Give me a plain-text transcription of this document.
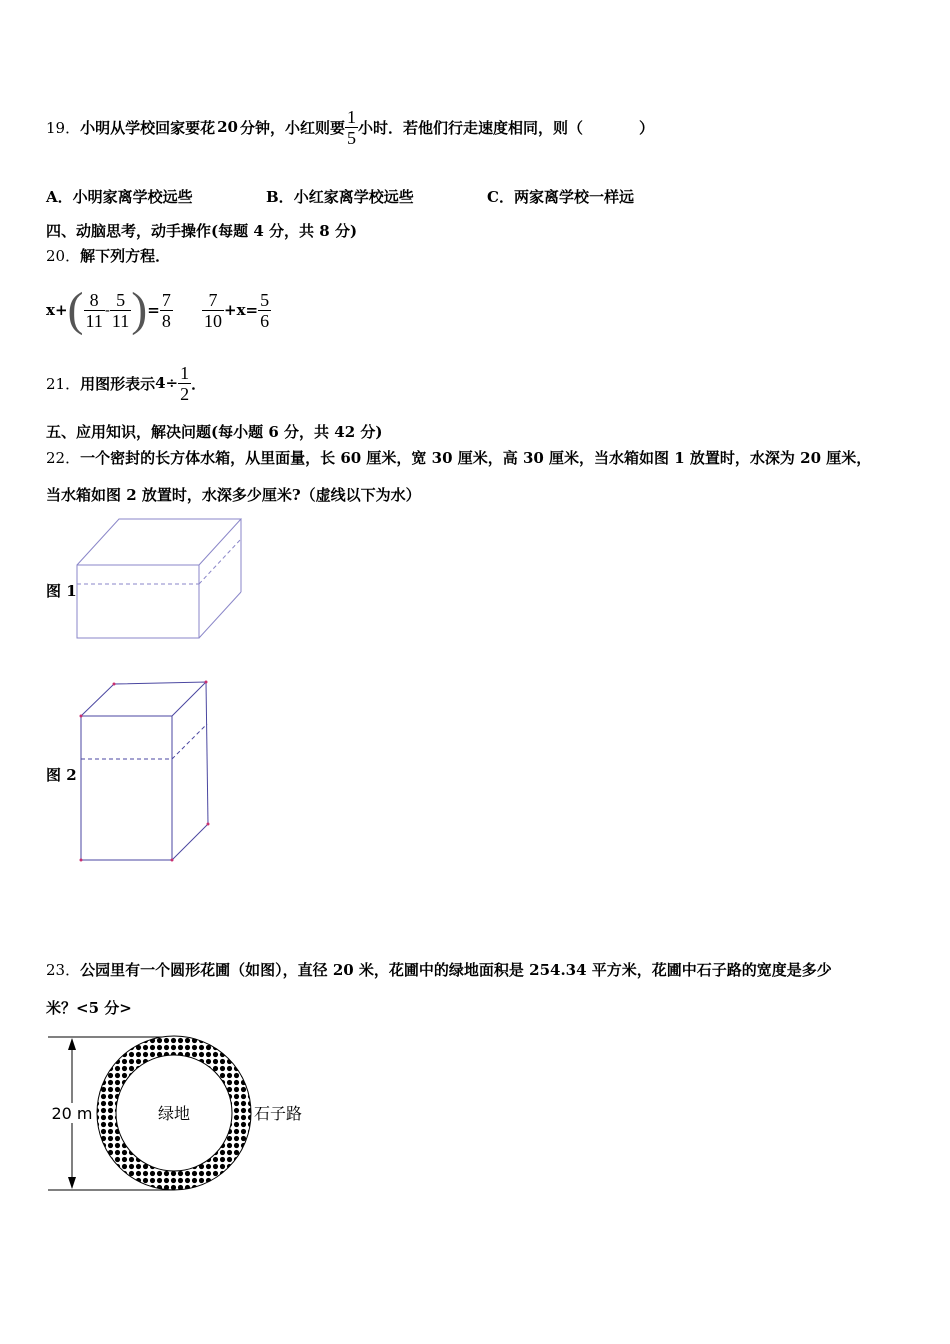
19． 小明从学校回家要花 20 分钟，小红则要 $\frac{1}{5}$ 小时．若他们行走速度相同，则（	）
A．小明家离学校远些	B．小红家离学校远些	C．两家离学校一样远
四、动脑思考，动手操作(每题 4 分，共 8 分)
20．解下列方程．
x+ ( $\frac{8}{11} - \frac{5}{11}$ ) = $\frac{7}{8} \frac{7}{10} +x= \frac{5}{6}$
21． 用图形表示 $4\div \frac{1}{2}$ ．
五、应用知识，解决问题(每小题 6 分，共 42 分)
22．一个密封的长方体水箱，从里面量，长 60 厘米，宽 30 厘米，高 30 厘米，当水箱如图 1 放置时，水深为 20 厘米，
当水箱如图 2 放置时，水深多少厘米?（虚线以下为水）
图 1
图 2
23．公园里有一个圆形花圃（如图），直径 20 米，花圃中的绿地面积是 254.34 平方米，花圃中石子路的宽度是多少
米？<5 分>
20 m	绿地	石子路
